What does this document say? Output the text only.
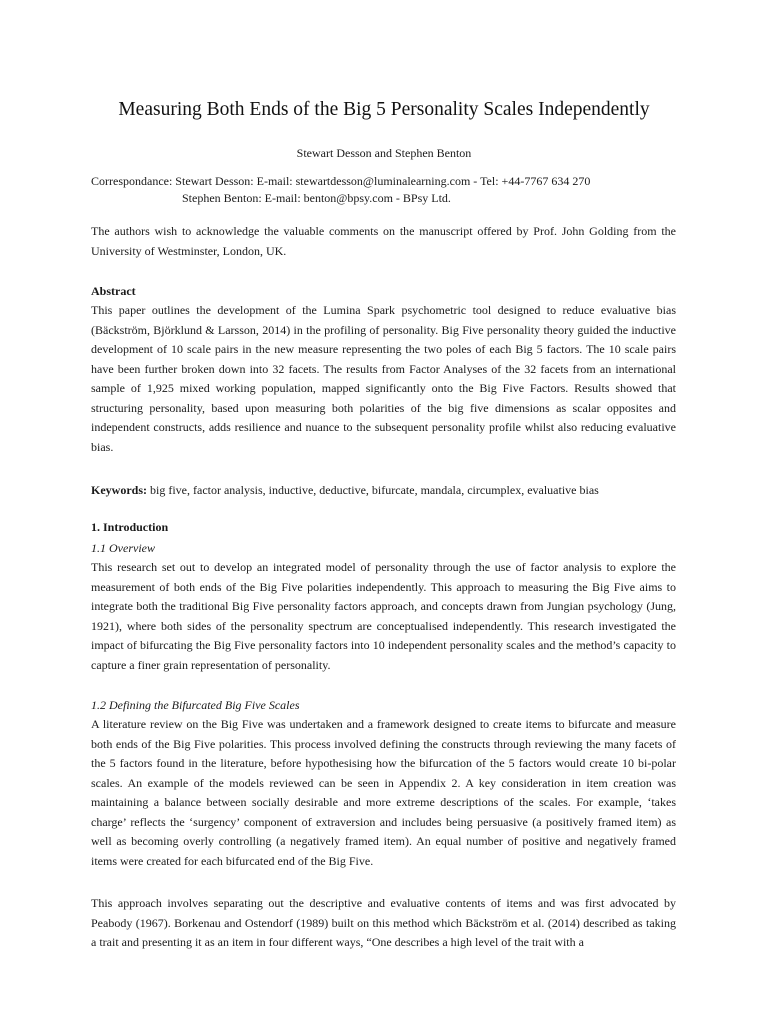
Measuring Both Ends of the Big 5 Personality Scales Independently
Stewart Desson and Stephen Benton
Correspondance: Stewart Desson: E-mail: stewartdesson@luminalearning.com - Tel: +44-7767 634 270
Stephen Benton: E-mail: benton@bpsy.com - BPsy Ltd.
The authors wish to acknowledge the valuable comments on the manuscript offered by Prof. John Golding from the University of Westminster, London, UK.
Abstract
This paper outlines the development of the Lumina Spark psychometric tool designed to reduce evaluative bias (Bäckström, Björklund & Larsson, 2014) in the profiling of personality. Big Five personality theory guided the inductive development of 10 scale pairs in the new measure representing the two poles of each Big 5 factors. The 10 scale pairs have been further broken down into 32 facets. The results from Factor Analyses of the 32 facets from an international sample of 1,925 mixed working population, mapped significantly onto the Big Five Factors. Results showed that structuring personality, based upon measuring both polarities of the big five dimensions as scalar opposites and independent constructs, adds resilience and nuance to the subsequent personality profile whilst also reducing evaluative bias.
Keywords: big five, factor analysis, inductive, deductive, bifurcate, mandala, circumplex, evaluative bias
1. Introduction
1.1 Overview
This research set out to develop an integrated model of personality through the use of factor analysis to explore the measurement of both ends of the Big Five polarities independently. This approach to measuring the Big Five aims to integrate both the traditional Big Five personality factors approach, and concepts drawn from Jungian psychology (Jung, 1921), where both sides of the personality spectrum are conceptualised independently. This research investigated the impact of bifurcating the Big Five personality factors into 10 independent personality scales and the method’s capacity to capture a finer grain representation of personality.
1.2 Defining the Bifurcated Big Five Scales
A literature review on the Big Five was undertaken and a framework designed to create items to bifurcate and measure both ends of the Big Five polarities. This process involved defining the constructs through reviewing the many facets of the 5 factors found in the literature, before hypothesising how the bifurcation of the 5 factors would create 10 bi-polar scales. An example of the models reviewed can be seen in Appendix 2. A key consideration in item creation was maintaining a balance between socially desirable and more extreme descriptions of the scales. For example, ‘takes charge’ reflects the ‘surgency’ component of extraversion and includes being persuasive (a positively framed item) as well as becoming overly controlling (a negatively framed item). An equal number of positive and negatively framed items were created for each bifurcated end of the Big Five.
This approach involves separating out the descriptive and evaluative contents of items and was first advocated by Peabody (1967). Borkenau and Ostendorf (1989) built on this method which Bäckström et al. (2014) described as taking a trait and presenting it as an item in four different ways, “One describes a high level of the trait with a
